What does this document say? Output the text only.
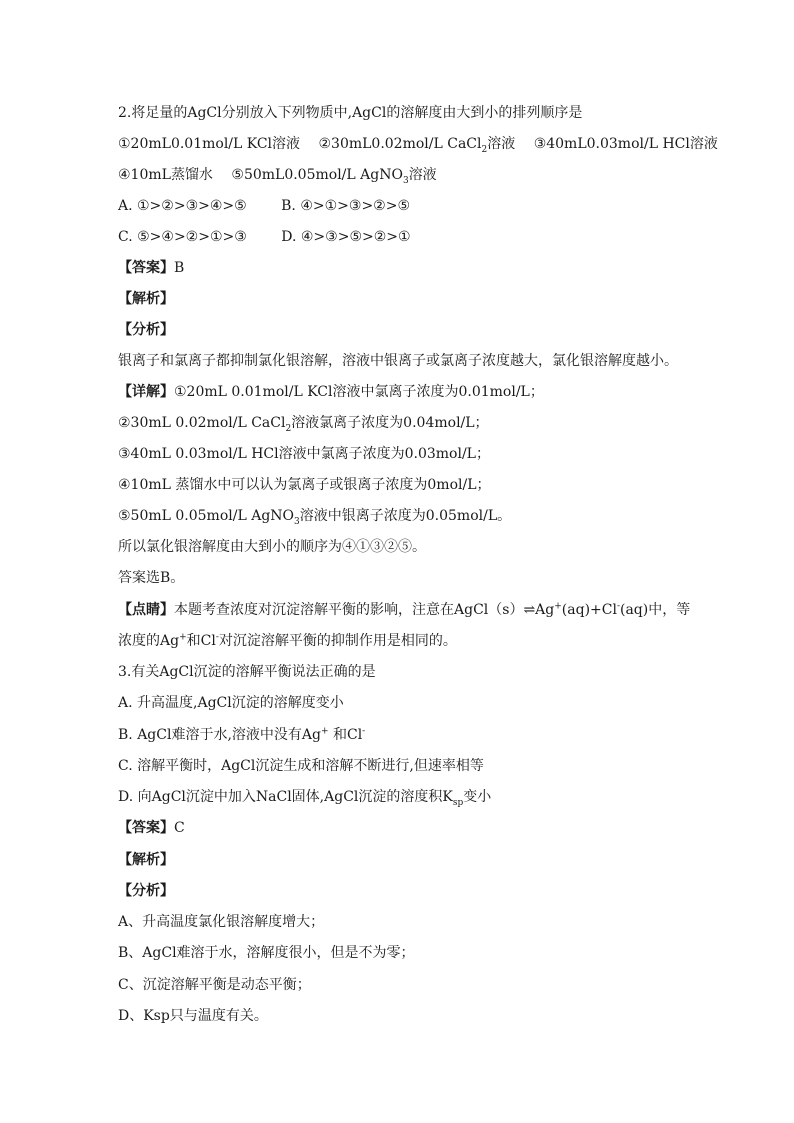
2.将足量的AgCl分别放入下列物质中,AgCl的溶解度由大到小的排列顺序是
①20mL0.01mol/L KCl溶液 ②30mL0.02mol/L CaCl$_2$溶液 ③40mL0.03mol/L HCl溶液
④10mL蒸馏水 ⑤50mL0.05mol/L AgNO$_3$溶液
A. ①>②>③>④>⑤ B. ④>①>③>②>⑤
C. ⑤>④>②>①>③ D. ④>③>⑤>②>①
【答案】B
【解析】
【分析】
银离子和氯离子都抑制氯化银溶解，溶液中银离子或氯离子浓度越大，氯化银溶解度越小。
【详解】①20mL 0.01mol/L KCl溶液中氯离子浓度为0.01mol/L；
②30mL 0.02mol/L CaCl$_2$溶液氯离子浓度为0.04mol/L；
③40mL 0.03mol/L HCl溶液中氯离子浓度为0.03mol/L；
④10mL 蒸馏水中可以认为氯离子或银离子浓度为0mol/L；
⑤50mL 0.05mol/L AgNO$_3$溶液中银离子浓度为0.05mol/L。
所以氯化银溶解度由大到小的顺序为④①③②⑤。
答案选B。
【点睛】本题考查浓度对沉淀溶解平衡的影响，注意在AgCl（s）⇌Ag+(aq)+Cl-(aq)中，等
浓度的Ag+和Cl-对沉淀溶解平衡的抑制作用是相同的。
3.有关AgCl沉淀的溶解平衡说法正确的是
A. 升高温度,AgCl沉淀的溶解度变小
B. AgCl难溶于水,溶液中没有Ag+ 和Cl-
C. 溶解平衡时，AgCl沉淀生成和溶解不断进行,但速率相等
D. 向AgCl沉淀中加入NaCl固体,AgCl沉淀的溶度积$K_{sp}$变小
【答案】C
【解析】
【分析】
A、升高温度氯化银溶解度增大；
B、AgCl难溶于水，溶解度很小，但是不为零；
C、沉淀溶解平衡是动态平衡；
D、Ksp只与温度有关。
